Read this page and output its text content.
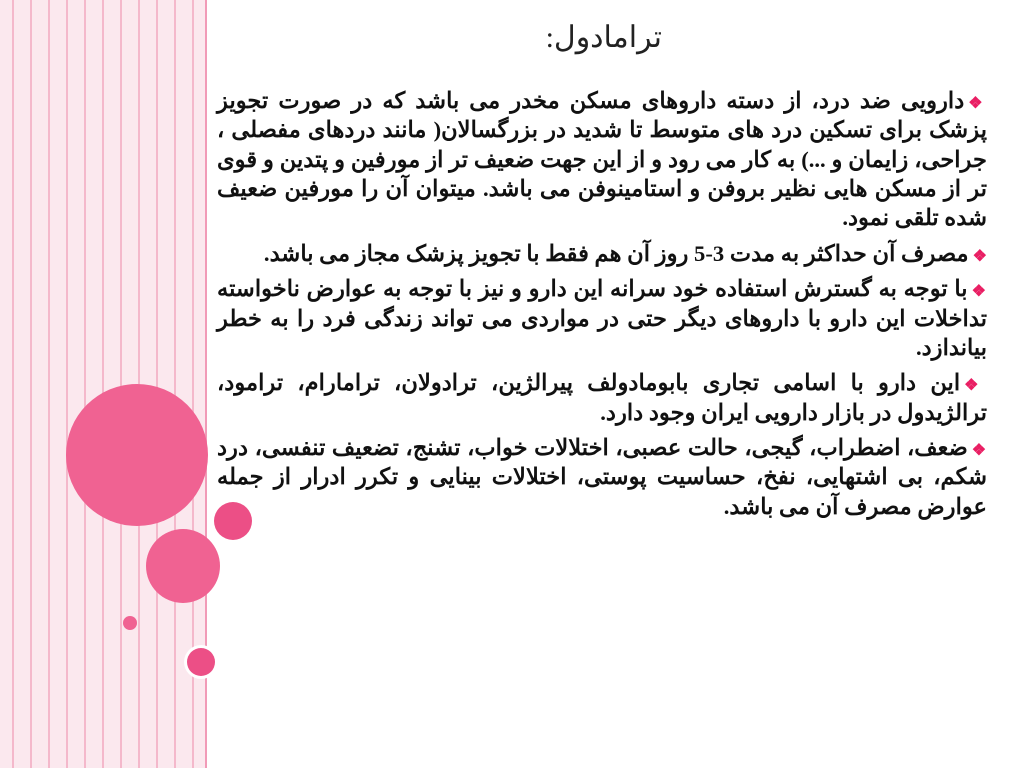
ترامادول:

❖دارویی ضد درد، از دسته داروهای مسکن مخدر می باشد که در صورت تجویز پزشک برای تسکین درد های متوسط تا شدید در بزرگسالان( مانند دردهای مفصلی ، جراحی، زایمان و ...) به کار می رود و از این جهت ضعیف تر از مورفین و پتدین و قوی تر از مسکن هایی نظیر بروفن و استامینوفن می باشد. میتوان آن را مورفین ضعیف شده تلقی نمود.

❖مصرف آن حداکثر به مدت 3-5 روز آن هم فقط با تجویز پزشک مجاز می باشد.

❖با توجه به گسترش استفاده خود سرانه این دارو و نیز با توجه به عوارض ناخواسته تداخلات این دارو با داروهای دیگر حتی در مواردی می تواند زندگی فرد را به خطر بیاندازد.

❖این دارو با اسامی تجاری بابومادولف پیرالژین، ترادولان، ترامارام، ترامود، ترالژیدول در بازار دارویی ایران وجود دارد.

❖ضعف، اضطراب، گیجی، حالت عصبی، اختلالات خواب، تشنج، تضعیف تنفسی، درد شکم، بی اشتهایی، نفخ، حساسیت پوستی، اختلالات بینایی و تکرر ادرار از جمله عوارض مصرف آن می باشد.
